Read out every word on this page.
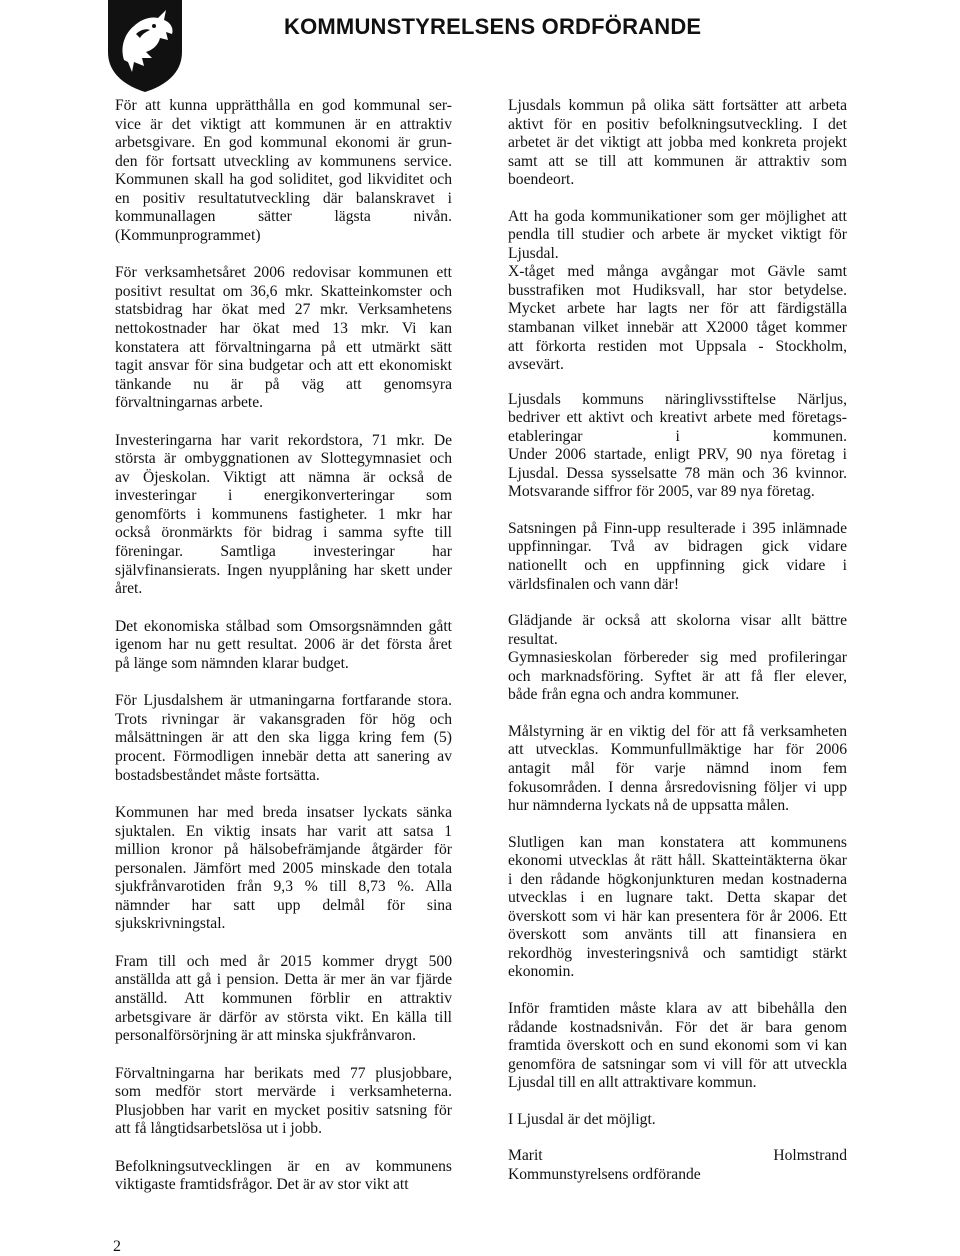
KOMMUNSTYRELSENS ORDFÖRANDE

För att kunna upprätthålla en god kommunal ser-
vice är det viktigt att kommunen är en attraktiv
arbetsgivare. En god kommunal ekonomi är grun-
den för fortsatt utveckling av kommunens service.
Kommunen skall ha god soliditet, god likviditet och
en positiv resultatutveckling där balanskravet i
kommunallagen sätter lägsta nivån.
(Kommunprogrammet)

För verksamhetsåret 2006 redovisar kommunen ett
positivt resultat om 36,6 mkr. Skatteinkomster och
statsbidrag har ökat med 27 mkr. Verksamhetens
nettokostnader har ökat med 13 mkr. Vi kan
konstatera att förvaltningarna på ett utmärkt sätt
tagit ansvar för sina budgetar och att ett ekonomiskt
tänkande nu är på väg att genomsyra
förvaltningarnas arbete.

Investeringarna har varit rekordstora, 71 mkr. De
största är ombyggnationen av Slottegymnasiet och
av Öjeskolan. Viktigt att nämna är också de
investeringar i energikonverteringar som
genomförts i kommunens fastigheter. 1 mkr har
också öronmärkts för bidrag i samma syfte till
föreningar. Samtliga investeringar har
självfinansierats. Ingen nyupplåning har skett under
året.

Det ekonomiska stålbad som Omsorgsnämnden gått
igenom har nu gett resultat. 2006 är det första året
på länge som nämnden klarar budget.

För Ljusdalshem är utmaningarna fortfarande stora.
Trots rivningar är vakansgraden för hög och
målsättningen är att den ska ligga kring fem (5)
procent. Förmodligen innebär detta att sanering av
bostadsbeståndet måste fortsätta.

Kommunen har med breda insatser lyckats sänka
sjuktalen. En viktig insats har varit att satsa 1
million kronor på hälsobefrämjande åtgärder för
personalen. Jämfört med 2005 minskade den totala
sjukfrånvarotiden från 9,3 % till 8,73 %. Alla
nämnder har satt upp delmål för sina
sjukskrivningstal.

Fram till och med år 2015 kommer drygt 500
anställda att gå i pension. Detta är mer än var fjärde
anställd. Att kommunen förblir en attraktiv
arbetsgivare är därför av största vikt. En källa till
personalförsörjning är att minska sjukfrånvaron.

Förvaltningarna har berikats med 77 plusjobbare,
som medför stort mervärde i verksamheterna.
Plusjobben har varit en mycket positiv satsning för
att få långtidsarbetslösa ut i jobb.

Befolkningsutvecklingen är en av kommunens
viktigaste framtidsfrågor. Det är av stor vikt att

Ljusdals kommun på olika sätt fortsätter att arbeta
aktivt för en positiv befolkningsutveckling. I det
arbetet är det viktigt att jobba med konkreta projekt
samt att se till att kommunen är attraktiv som
boendeort.

Att ha goda kommunikationer som ger möjlighet att
pendla till studier och arbete är mycket viktigt för
Ljusdal.
X-tåget med många avgångar mot Gävle samt
busstrafiken mot Hudiksvall, har stor betydelse.
Mycket arbete har lagts ner för att färdigställa
stambanan vilket innebär att X2000 tåget kommer
att förkorta restiden mot Uppsala - Stockholm,
avsevärt.

Ljusdals kommuns näringlivsstiftelse Närljus,
bedriver ett aktivt och kreativt arbete med företags-
etableringar i kommunen.
Under 2006 startade, enligt PRV, 90 nya företag i
Ljusdal. Dessa sysselsatte 78 män och 36 kvinnor.
Motsvarande siffror för 2005, var 89 nya företag.

Satsningen på Finn-upp resulterade i 395 inlämnade
uppfinningar. Två av bidragen gick vidare
nationellt och en uppfinning gick vidare i
världsfinalen och vann där!

Glädjande är också att skolorna visar allt bättre
resultat.
Gymnasieskolan förbereder sig med profileringar
och marknadsföring. Syftet är att få fler elever,
både från egna och andra kommuner.

Målstyrning är en viktig del för att få verksamheten
att utvecklas. Kommunfullmäktige har för 2006
antagit mål för varje nämnd inom fem
fokusområden. I denna årsredovisning följer vi upp
hur nämnderna lyckats nå de uppsatta målen.

Slutligen kan man konstatera att kommunens
ekonomi utvecklas åt rätt håll. Skatteintäkterna ökar
i den rådande högkonjunkturen medan kostnaderna
utvecklas i en lugnare takt. Detta skapar det
överskott som vi här kan presentera för år 2006. Ett
överskott som använts till att finansiera en
rekordhög investeringsnivå och samtidigt stärkt
ekonomin.

Inför framtiden måste klara av att bibehålla den
rådande kostnadsnivån. För det är bara genom
framtida överskott och en sund ekonomi som vi kan
genomföra de satsningar som vi vill för att utveckla
Ljusdal till en allt attraktivare kommun.

I Ljusdal är det möjligt.

Marit Holmstrand
Kommunstyrelsens ordförande

2
